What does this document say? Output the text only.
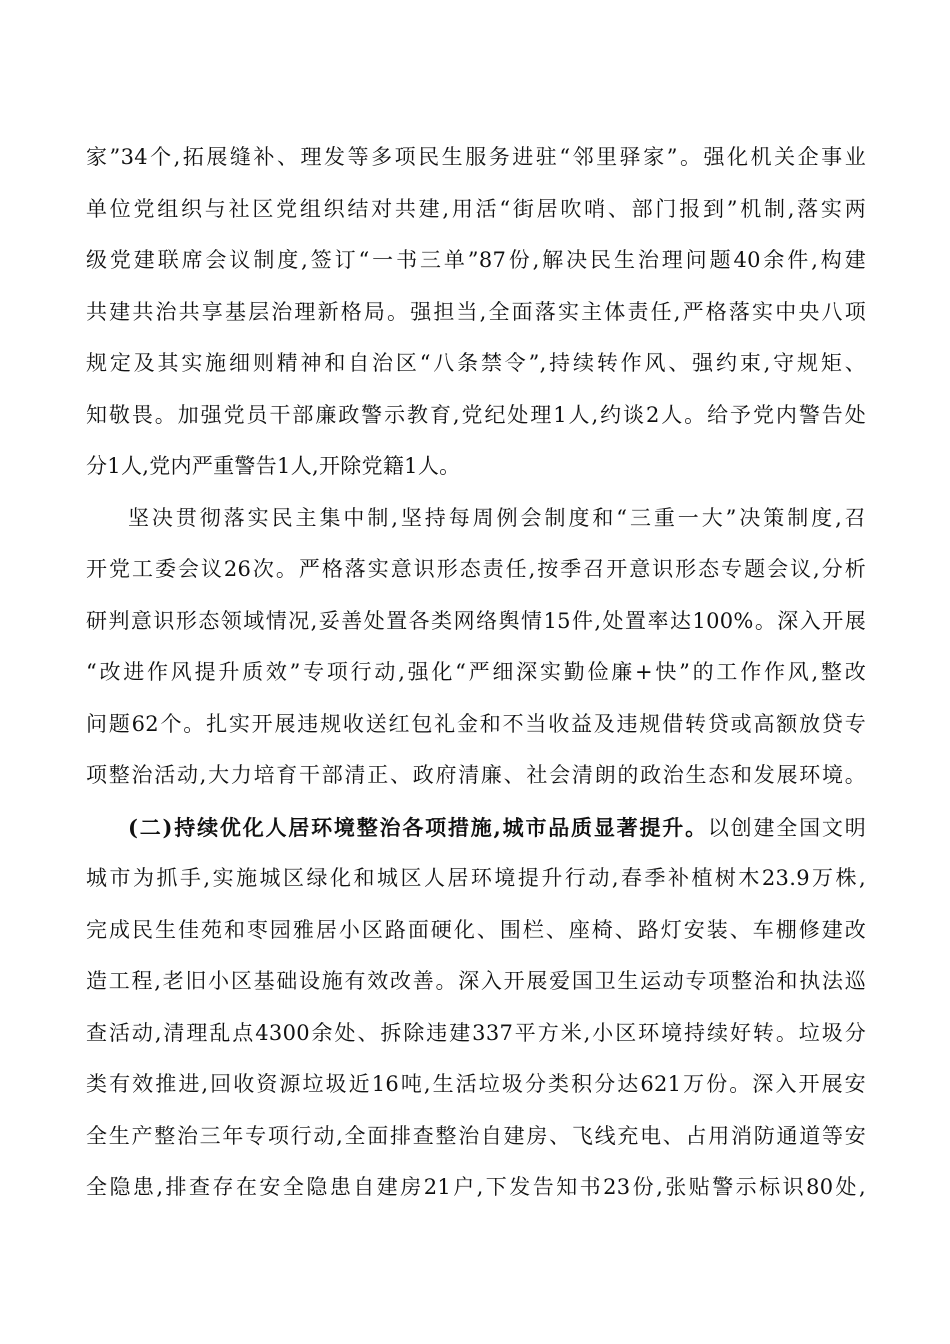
家”34个,拓展缝补、理发等多项民生服务进驻“邻里驿家”。强化机关企事业
单位党组织与社区党组织结对共建,用活“街居吹哨、部门报到”机制,落实两
级党建联席会议制度,签订“一书三单”87份,解决民生治理问题40余件,构建
共建共治共享基层治理新格局。强担当,全面落实主体责任,严格落实中央八项
规定及其实施细则精神和自治区“八条禁令”,持续转作风、强约束,守规矩、
知敬畏。加强党员干部廉政警示教育,党纪处理1人,约谈2人。给予党内警告处
分1人,党内严重警告1人,开除党籍1人。
坚决贯彻落实民主集中制,坚持每周例会制度和“三重一大”决策制度,召
开党工委会议26次。严格落实意识形态责任,按季召开意识形态专题会议,分析
研判意识形态领域情况,妥善处置各类网络舆情15件,处置率达100%。深入开展
“改进作风提升质效”专项行动,强化“严细深实勤俭廉+快”的工作作风,整改
问题62个。扎实开展违规收送红包礼金和不当收益及违规借转贷或高额放贷专
项整治活动,大力培育干部清正、政府清廉、社会清朗的政治生态和发展环境。
(二)持续优化人居环境整治各项措施,城市品质显著提升。以创建全国文明
城市为抓手,实施城区绿化和城区人居环境提升行动,春季补植树木23.9万株,
完成民生佳苑和枣园雅居小区路面硬化、围栏、座椅、路灯安装、车棚修建改
造工程,老旧小区基础设施有效改善。深入开展爱国卫生运动专项整治和执法巡
查活动,清理乱点4300余处、拆除违建337平方米,小区环境持续好转。垃圾分
类有效推进,回收资源垃圾近16吨,生活垃圾分类积分达621万份。深入开展安
全生产整治三年专项行动,全面排查整治自建房、飞线充电、占用消防通道等安
全隐患,排查存在安全隐患自建房21户,下发告知书23份,张贴警示标识80处,
